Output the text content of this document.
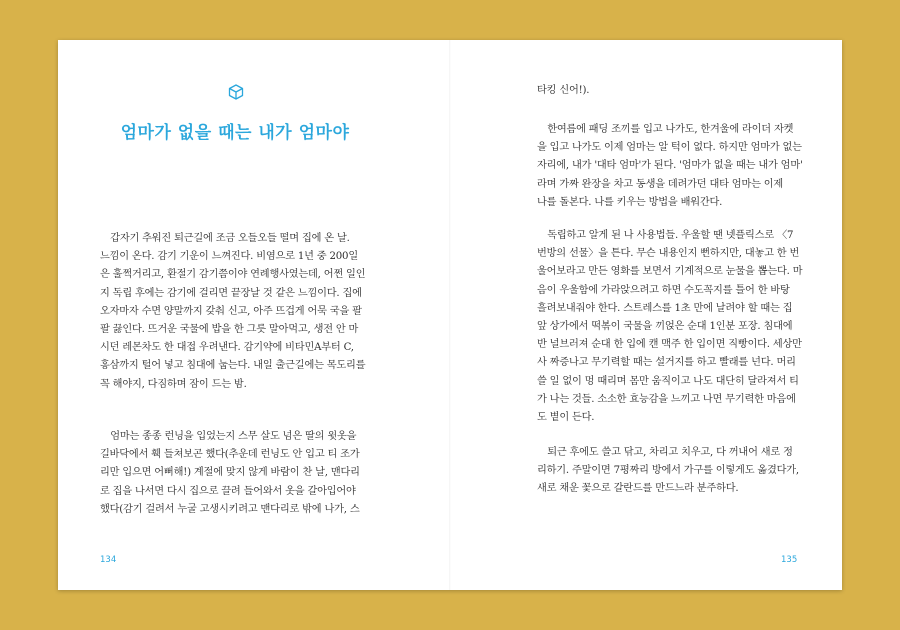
엄마가 없을 때는 내가 엄마야

갑자기 추워진 퇴근길에 조금 오들오들 떨며 집에 온 날.
느낌이 온다. 감기 기운이 느껴진다. 비염으로 1년 중 200일
은 훌쩍거리고, 환절기 감기쯤이야 연례행사였는데, 어쩐 일인
지 독립 후에는 감기에 걸리면 끝장날 것 같은 느낌이다. 집에
오자마자 수면 양말까지 갖춰 신고, 아주 뜨겁게 어묵 국을 팔
팔 끓인다. 뜨거운 국물에 밥을 한 그릇 말아먹고, 생전 안 마
시던 레몬차도 한 대접 우려낸다. 감기약에 비타민A부터 C,
홍삼까지 털어 넣고 침대에 눕는다. 내일 출근길에는 목도리를
꼭 해야지, 다짐하며 잠이 드는 밤.

엄마는 종종 런닝을 입었는지 스무 살도 넘은 딸의 윗옷을
길바닥에서 훽 들쳐보곤 했다(추운데 런닝도 안 입고 티 조가
리만 입으면 어뻐해!) 계절에 맞지 않게 바람이 찬 날, 맨다리
로 집을 나서면 다시 집으로 끌려 들어와서 옷을 갈아입어야
했다(감기 걸려서 누굴 고생시키려고 맨다리로 밖에 나가, 스

134

타킹 신어!).

한여름에 패딩 조끼를 입고 나가도, 한겨울에 라이더 자켓
을 입고 나가도 이제 엄마는 알 턱이 없다. 하지만 엄마가 없는
자리에, 내가 '대타 엄마'가 된다. '엄마가 없을 때는 내가 엄마'
라며 가짜 완장을 차고 동생을 데려가던 대타 엄마는 이제
나를 돌본다. 나를 키우는 방법을 배워간다.

독립하고 알게 된 나 사용법들. 우울할 땐 넷플릭스로 〈7
번방의 선물〉을 튼다. 무슨 내용인지 뻔하지만, 대놓고 한 번
울어보라고 만든 영화를 보면서 기계적으로 눈물을 뽑는다. 마
음이 우울함에 가라앉으려고 하면 수도꼭지를 틀어 한 바탕
흘려보내줘야 한다. 스트레스를 1초 만에 날려야 할 때는 집
앞 상가에서 떡볶이 국물을 끼얹은 순대 1인분 포장. 침대에
반 널브러져 순대 한 입에 캔 맥주 한 입이면 직빵이다. 세상만
사 짜증나고 무기력할 때는 설거지를 하고 빨래를 넌다. 머리
쓸 일 없이 멍 때리며 몸만 움직이고 나도 대단히 달라져서 티
가 나는 것들. 소소한 효능감을 느끼고 나면 무기력한 마음에
도 볕이 든다.

퇴근 후에도 쓸고 닦고, 차리고 치우고, 다 꺼내어 새로 정
리하기. 주말이면 7평짜리 방에서 가구를 이렇게도 옮겼다가,
새로 채운 꽃으로 갈란드를 만드느라 분주하다.

135
